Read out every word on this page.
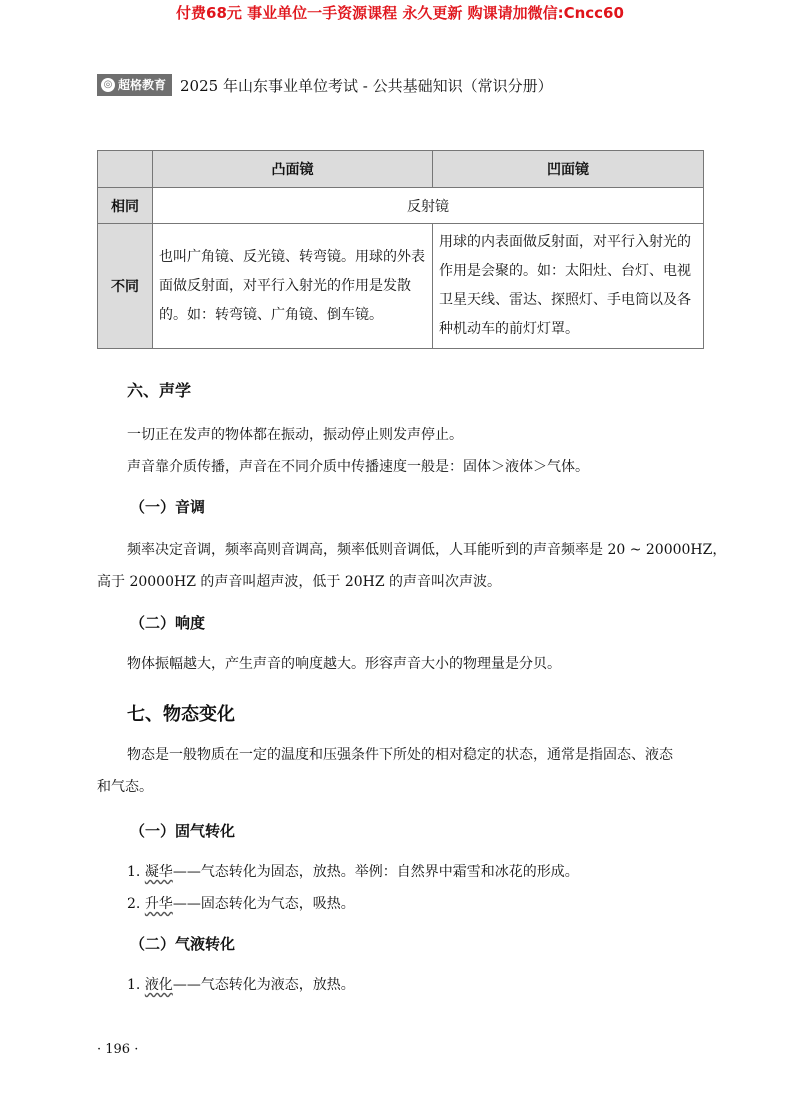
付费68元 事业单位一手资源课程 永久更新 购课请加微信:Cncc60
◎ 超格教育 2025 年山东事业单位考试 - 公共基础知识（常识分册）
	凸面镜	凹面镜
相同	反射镜	
不同	也叫广角镜、反光镜、转弯镜。用球的外表面做反射面，对平行入射光的作用是发散的。如：转弯镜、广角镜、倒车镜。	用球的内表面做反射面，对平行入射光的作用是会聚的。如：太阳灶、台灯、电视卫星天线、雷达、探照灯、手电筒以及各种机动车的前灯灯罩。
六、声学
一切正在发声的物体都在振动，振动停止则发声停止。
声音靠介质传播，声音在不同介质中传播速度一般是：固体＞液体＞气体。
（一）音调
频率决定音调，频率高则音调高，频率低则音调低，人耳能听到的声音频率是 20 ~ 20000HZ，
高于 20000HZ 的声音叫超声波，低于 20HZ 的声音叫次声波。
（二）响度
物体振幅越大，产生声音的响度越大。形容声音大小的物理量是分贝。
七、物态变化
物态是一般物质在一定的温度和压强条件下所处的相对稳定的状态，通常是指固态、液态
和气态。
（一）固气转化
1. 凝华——气态转化为固态，放热。举例：自然界中霜雪和冰花的形成。
2. 升华——固态转化为气态，吸热。
（二）气液转化
1. 液化——气态转化为液态，放热。
· 196 ·
